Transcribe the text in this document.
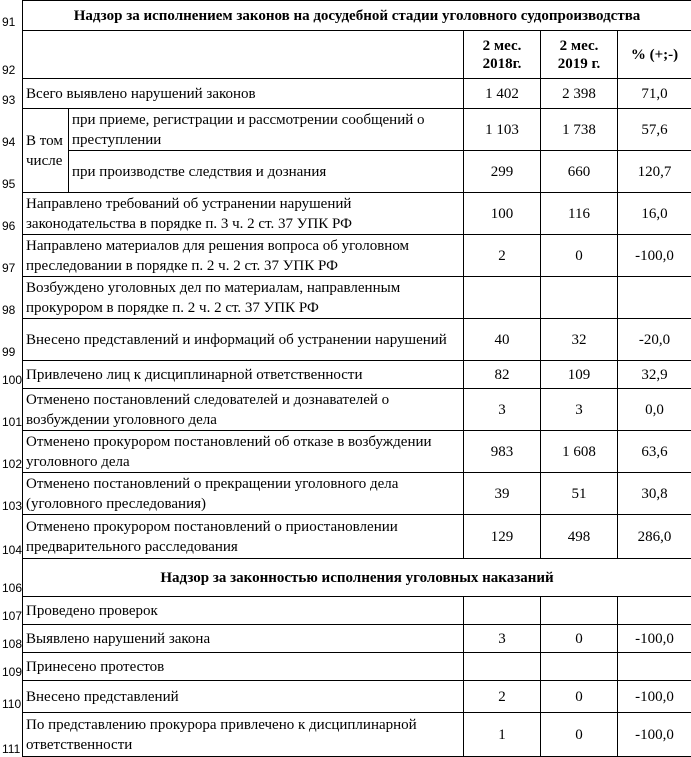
91
92
93
94
95
96
97
98
99
100
101
102
103
104
106
107
108
109
110
111
Надзор за исполнением законов на досудебной стадии уголовного судопроизводства				
		2 мес. 2018г.	2 мес. 2019 г.	% (+;-)
Всего выявлено нарушений законов		1 402	2 398	71,0
В том числе	при приеме, регистрации и рассмотрении сообщений о преступлении	1 103	1 738	57,6
	при производстве следствия и дознания	299	660	120,7
Направлено требований об устранении нарушений законодательства в порядке п. 3 ч. 2 ст. 37 УПК РФ		100	116	16,0
Направлено материалов для решения вопроса об уголовном преследовании в порядке п. 2 ч. 2 ст. 37 УПК РФ		2	0	-100,0
Возбуждено уголовных дел по материалам, направленным прокурором в порядке п. 2 ч. 2 ст. 37 УПК РФ				
Внесено представлений и информаций об устранении нарушений		40	32	-20,0
Привлечено лиц к дисциплинарной ответственности		82	109	32,9
Отменено постановлений следователей и дознавателей о возбуждении уголовного дела		3	3	0,0
Отменено прокурором постановлений об отказе в возбуждении уголовного дела		983	1 608	63,6
Отменено постановлений о прекращении уголовного дела (уголовного преследования)		39	51	30,8
Отменено прокурором постановлений о приостановлении предварительного расследования		129	498	286,0
Надзор за законностью исполнения уголовных наказаний				
Проведено проверок				
Выявлено нарушений закона		3	0	-100,0
Принесено протестов				
Внесено представлений		2	0	-100,0
По представлению прокурора привлечено к дисциплинарной ответственности		1	0	-100,0
